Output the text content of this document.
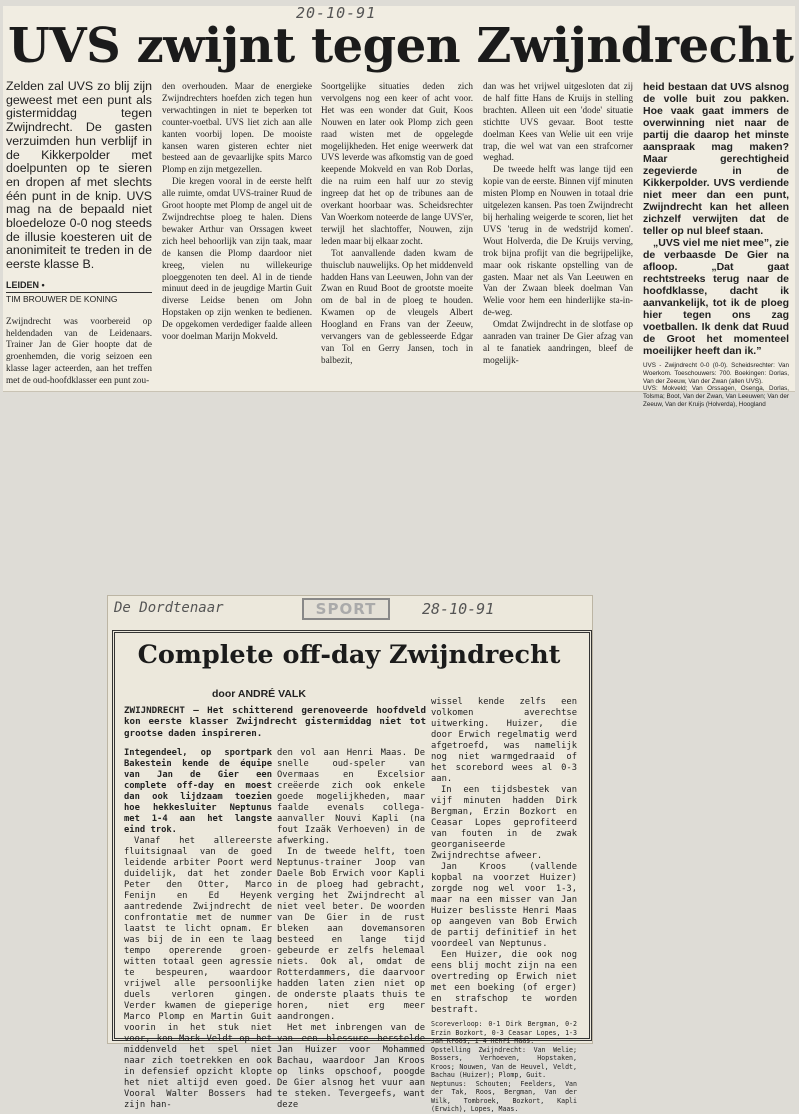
20-10-91
UVS zwijnt tegen Zwijndrecht

Zelden zal UVS zo blij zijn geweest met een punt als gistermiddag tegen Zwijndrecht. De gasten verzuimden hun verblijf in de Kikkerpolder met doelpunten op te sieren en dropen af met slechts één punt in de knip. UVS mag na de bepaald niet bloedeloze 0-0 nog steeds de illusie koesteren uit de anonimiteit te treden in de eerste klasse B.

LEIDEN •
TIM BROUWER DE KONING

Zwijndrecht was voorbereid op heldendaden van de Leidenaars. Trainer Jan de Gier hoopte dat de groenhemden, die vorig seizoen een klasse lager acteerden, aan het treffen met de oud-hoofdklasser een punt zou-

den overhouden. Maar de energieke Zwijndrechters hoefden zich tegen hun verwachtingen in niet te beperken tot counter-voetbal. UVS liet zich aan alle kanten voorbij lopen. De mooiste kansen waren gisteren echter niet besteed aan de gevaarlijke spits Marco Plomp en zijn metgezellen.

Die kregen vooral in de eerste helft alle ruimte, omdat UVS-trainer Ruud de Groot hoopte met Plomp de angel uit de Zwijndrechtse ploeg te halen. Diens bewaker Arthur van Orssagen kweet zich heel behoorlijk van zijn taak, maar de kansen die Plomp daardoor niet kreeg, vielen nu willekeurige ploeggenoten ten deel. Al in de tiende minuut deed in de jeugdige Martin Guit diverse Leidse benen om John Hopstaken op zijn wenken te bedienen. De opgekomen verdediger faalde alleen voor doelman Marijn Mokveld.

Soortgelijke situaties deden zich vervolgens nog een keer of acht voor. Het was een wonder dat Guit, Koos Nouwen en later ook Plomp zich geen raad wisten met de opgelegde mogelijkheden. Het enige weerwerk dat UVS leverde was afkomstig van de goed keepende Mokveld en van Rob Dorlas, die na ruim een half uur zo stevig ingreep dat het op de tribunes aan de overkant hoorbaar was. Scheidsrechter Van Woerkom noteerde de lange UVS'er, terwijl het slachtoffer, Nouwen, zijn leden maar bij elkaar zocht.

Tot aanvallende daden kwam de thuisclub nauwelijks. Op het middenveld hadden Hans van Leeuwen, John van der Zwan en Ruud Boot de grootste moeite om de bal in de ploeg te houden. Kwamen op de vleugels Albert Hoogland en Frans van der Zeeuw, vervangers van de geblesseerde Edgar van Tol en Gerry Jansen, toch in balbezit,

dan was het vrijwel uitgesloten dat zij de half fitte Hans de Kruijs in stelling brachten. Alleen uit een 'dode' situatie stichtte UVS gevaar. Boot testte doelman Kees van Welie uit een vrije trap, die wel wat van een strafcorner weghad.

De tweede helft was lange tijd een kopie van de eerste. Binnen vijf minuten misten Plomp en Nouwen in totaal drie uitgelezen kansen. Pas toen Zwijndrecht bij herhaling weigerde te scoren, liet het UVS 'terug in de wedstrijd komen'. Wout Holverda, die De Kruijs verving, trok bijna profijt van die begrijpelijke, maar ook riskante opstelling van de gasten. Maar net als Van Leeuwen en Van der Zwaan bleek doelman Van Welie voor hem een hinderlijke sta-in-de-weg.

Omdat Zwijndrecht in de slotfase op aanraden van trainer De Gier afzag van al te fanatiek aandringen, bleef de mogelijk-

heid bestaan dat UVS alsnog de volle buit zou pakken. Hoe vaak gaat immers de overwinning niet naar de partij die daarop het minste aanspraak mag maken? Maar gerechtigheid zegevierde in de Kikkerpolder. UVS verdiende niet meer dan een punt, Zwijndrecht kan het alleen zichzelf verwijten dat de teller op nul bleef staan.

„UVS viel me niet mee”, zie de verbaasde De Gier na afloop. „Dat gaat rechtstreeks terug naar de hoofdklasse, dacht ik aanvankelijk, tot ik de ploeg hier tegen ons zag voetballen. Ik denk dat Ruud de Groot het momenteel moeilijker heeft dan ik.”

UVS - Zwijndrecht 0-0 (0-0). Scheidsrechter: Van Woerkom. Toeschouwers: 700. Boekingen: Dorlas, Van der Zeeuw, Van der Zwan (allen UVS).
UVS: Mokveld; Van Orssagen, Osenga, Dorlas, Tolsma; Boot, Van der Zwan, Van Leeuwen; Van der Zeeuw, Van der Kruijs (Holverda), Hoogland
De Dordtenaar	SPORT	28-10-91
Complete off-day Zwijndrecht
door ANDRÉ VALK
ZWIJNDRECHT — Het schitterend gerenoveerde hoofdveld kon eerste klasser Zwijndrecht gistermiddag niet tot grootse daden inspireren.

Integendeel, op sportpark Bakestein kende de équipe van Jan de Gier een complete off-day en moest dan ook lijdzaam toezien hoe hekkesluiter Neptunus met 1-4 aan het langste eind trok.

Vanaf het allereerste fluitsignaal van de goed leidende arbiter Poort werd duidelijk, dat het zonder Peter den Otter, Marco Fenijn en Ed Heyenk aantredende Zwijndrecht de confrontatie met de nummer laatst te licht opnam. Er was bij de in een te laag tempo opererende groen-witten totaal geen agressie te bespeuren, waardoor vrijwel alle persoonlijke duels verloren gingen. Verder kwamen de gieperige Marco Plomp en Martin Guit voorin in het stuk niet voor, kon Mark Veldt op het middenveld het spel niet naar zich toetrekken en ook in defensief opzicht klopte het niet altijd even goed. Vooral Walter Bossers had zijn han-

den vol aan Henri Maas. De snelle oud-speler van Overmaas en Excelsior creëerde zich ook enkele goede mogelijkheden, maar faalde evenals collega-aanvaller Nouvi Kapli (na fout Izaäk Verhoeven) in de afwerking.

In de tweede helft, toen Neptunus-trainer Joop van Daele Bob Erwich voor Kapli in de ploeg had gebracht, verging het Zwijndrecht al niet veel beter. De woorden van De Gier in de rust bleken aan dovemansoren besteed en lange tijd gebeurde er zelfs helemaal niets. Ook al, omdat de Rotterdammers, die daarvoor hadden laten zien niet op de onderste plaats thuis te horen, niet erg meer aandrongen.

Het met inbrengen van de van een blessure herstelde Jan Huizer voor Mohammed Bachau, waardoor Jan Kroos op links opschoof, poogde De Gier alsnog het vuur aan te steken. Tevergeefs, want deze

wissel kende zelfs een volkomen averechtse uitwerking. Huizer, die door Erwich regelmatig werd afgetroefd, was namelijk nog niet warmgedraaid of het scorebord wees al 0-3 aan.

In een tijdsbestek van vijf minuten hadden Dirk Bergman, Erzin Bozkort en Ceasar Lopes geprofiteerd van fouten in de zwak georganiseerde Zwijndrechtse afweer.

Jan Kroos (vallende kopbal na voorzet Huizer) zorgde nog wel voor 1-3, maar na een misser van Jan Huizer beslisste Henri Maas op aangeven van Bob Erwich de partij definitief in het voordeel van Neptunus.

Een Huizer, die ook nog eens blij mocht zijn na een overtreding op Erwich niet met een boeking (of erger) en strafschop te worden bestraft.

Scoreverloop: 0-1 Dirk Bergman, 0-2 Erzin Bozkort, 0-3 Ceasar Lopes, 1-3 Jan Kroos, 1-4 Henri Maas.
Opstelling Zwijndrecht: Van Welie; Bossers, Verhoeven, Hopstaken, Kroos; Nouwen, Van de Heuvel, Veldt, Bachau (Huizer); Plomp, Guit.
Neptunus: Schouten; Feelders, Van der Tak, Roos, Bergman, Van der Wilk, Tombroek, Bozkort, Kapli (Erwich), Lopes, Maas.
